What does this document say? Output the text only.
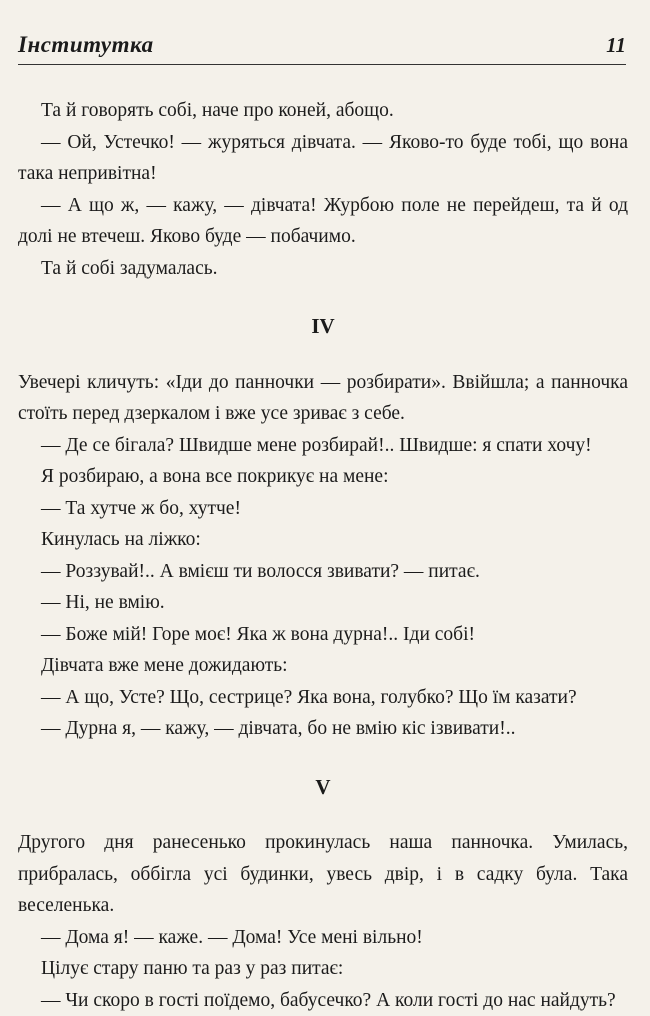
Інститутка	11

Та й говорять собі, наче про коней, абощо.

— Ой, Устечко! — журяться дівчата. — Яково-то буде тобі, що вона така непривітна!

— А що ж, — кажу, — дівчата! Журбою поле не перейдеш, та й од долі не втечеш. Яково буде — побачимо.

Та й собі задумалась.

IV

Увечері кличуть: «Іди до панночки — розбирати». Ввійшла; а панночка стоїть перед дзеркалом і вже усе зриває з себе.

— Де се бігала? Швидше мене розбирай!.. Швидше: я спати хочу!

Я розбираю, а вона все покрикує на мене:

— Та хутче ж бо, хутче!

Кинулась на ліжко:

— Роззувай!.. А вмієш ти волосся звивати? — питає.

— Ні, не вмію.

— Боже мій! Горе моє! Яка ж вона дурна!.. Іди собі!

Дівчата вже мене дожидають:

— А що, Усте? Що, сестрице? Яка вона, голубко? Що їм казати?

— Дурна я, — кажу, — дівчата, бо не вмію кіс ізвивати!..

V

Другого дня ранесенько прокинулась наша панночка. Умилась, прибралась, оббігла усі будинки, увесь двір, і в садку була. Така веселенька.

— Дома я! — каже. — Дома! Усе мені вільно!

Цілує стару паню та раз у раз питає:

— Чи скоро в гості поїдемо, бабусечко? А коли гості до нас найдуть?
